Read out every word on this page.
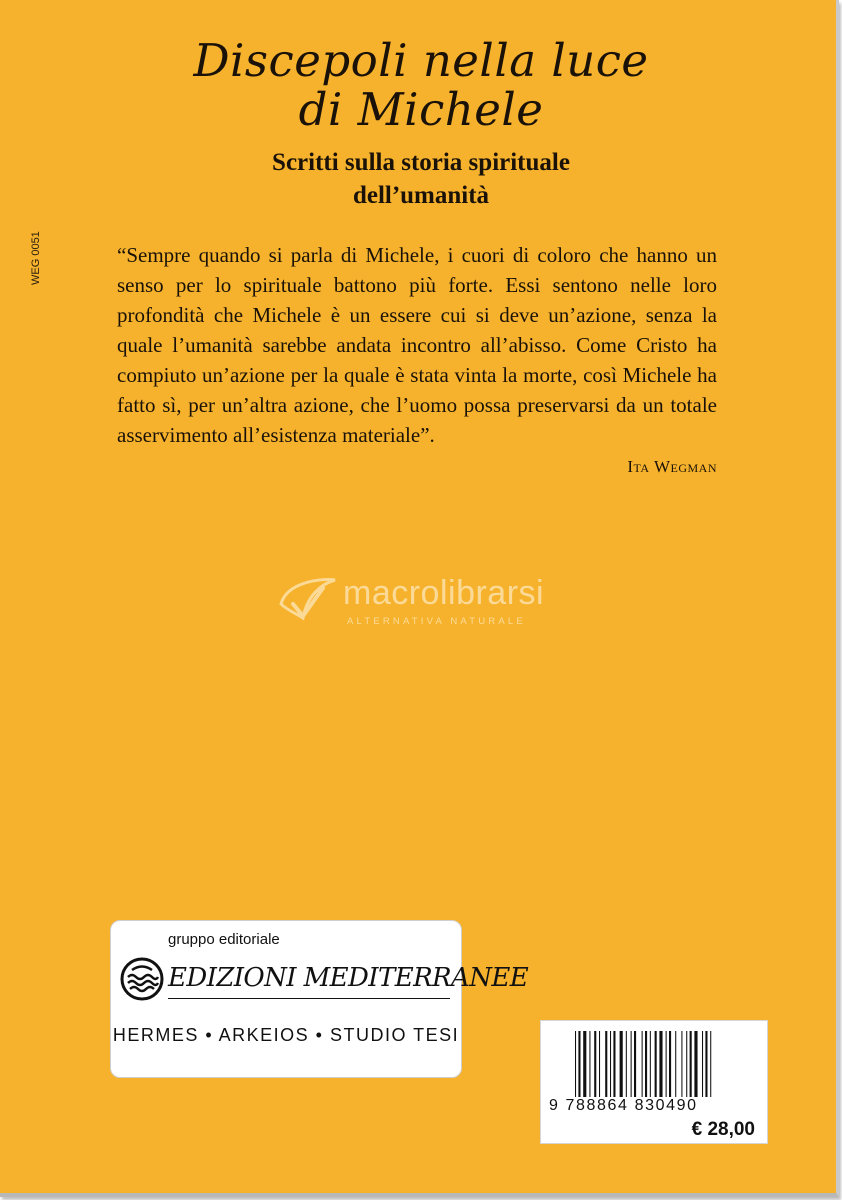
Discepoli nella luce
di Michele
Scritti sulla storia spirituale
dell’umanità
WEG 0051	“Sempre quando si parla di Michele, i cuori di coloro che hanno un senso per lo spirituale battono più forte. Essi sentono nelle loro profondità che Michele è un essere cui si deve un’azione, senza la quale l’umanità sarebbe andata incontro all’abisso. Come Cristo ha compiuto un’azione per la quale è stata vinta la morte, così Michele ha fatto sì, per un’altra azione, che l’uomo possa preservarsi da un totale asservimento all’esistenza materiale”.

Ita Wegman
macrolibrarsi
ALTERNATIVA NATURALE
gruppo editoriale
EDIZIONI MEDITERRANEE
HERMES • ARKEIOS • STUDIO TESI
9 788864 830490
€ 28,00
